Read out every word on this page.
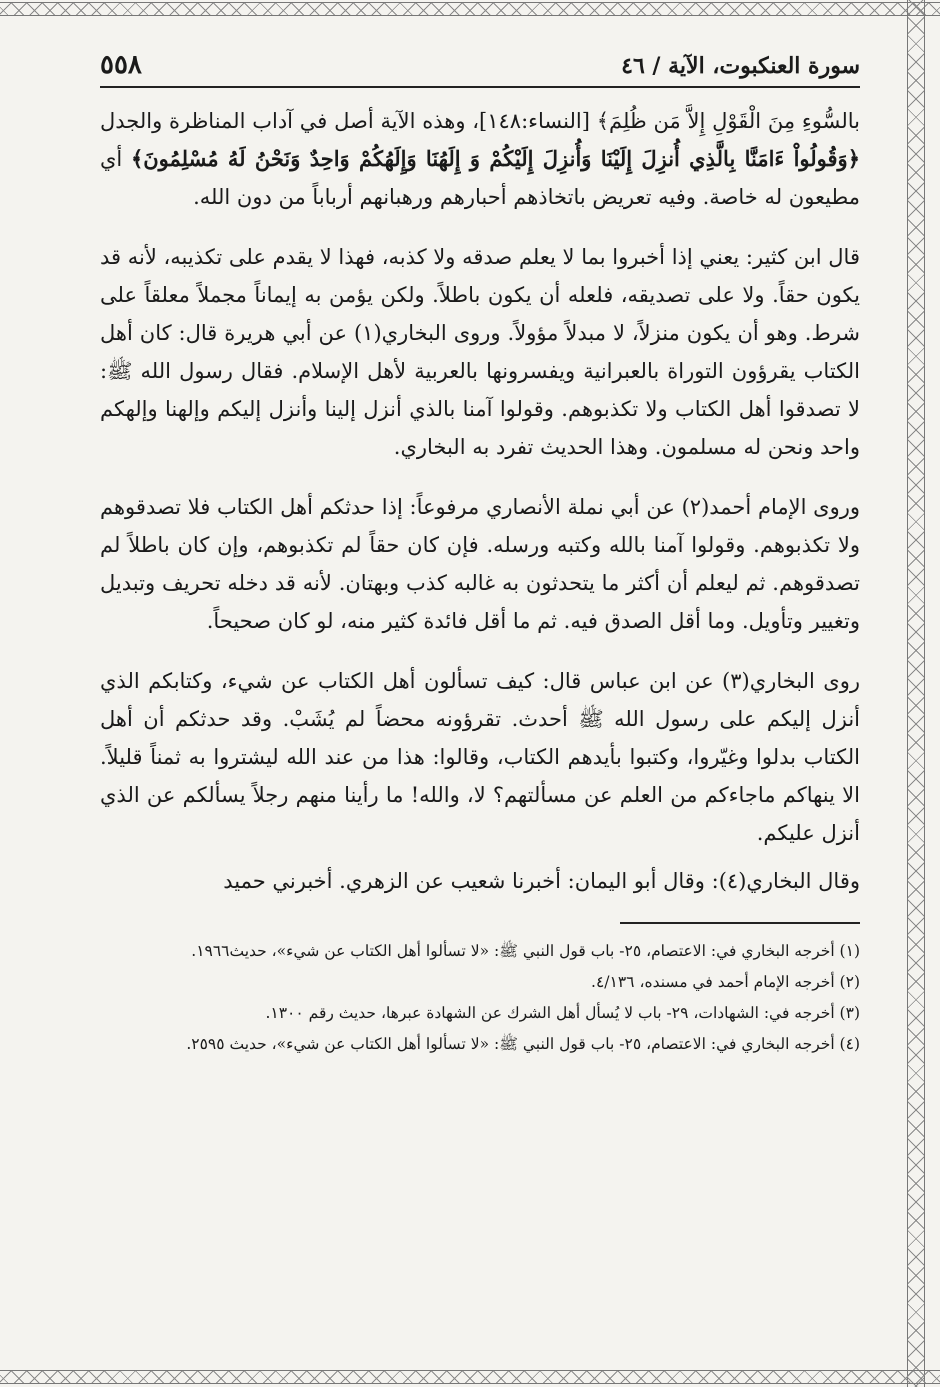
سورة العنكبوت، الآية / ٤٦
٥٥٨

بالسُّوءِ مِنَ الْقَوْلِ إِلاَّ مَن ظُلِمَ﴾ [النساء:١٤٨]، وهذه الآية أصل في آداب المناظرة والجدل ﴿وَقُولُواْ ءَامَنَّا بِالَّذِي أُنزِلَ إِلَيْنَا وَأُنزِلَ إِلَيْكُمْ وَ إِلَهُنَا وَإِلَهُكُمْ وَاحِدٌ وَنَحْنُ لَهُ مُسْلِمُونَ﴾ أي مطيعون له خاصة. وفيه تعريض باتخاذهم أحبارهم ورهبانهم أرباباً من دون الله.

قال ابن كثير: يعني إذا أخبروا بما لا يعلم صدقه ولا كذبه، فهذا لا يقدم على تكذيبه، لأنه قد يكون حقاً. ولا على تصديقه، فلعله أن يكون باطلاً. ولكن يؤمن به إيماناً مجملاً معلقاً على شرط. وهو أن يكون منزلاً، لا مبدلاً مؤولاً. وروى البخاري(١) عن أبي هريرة قال: كان أهل الكتاب يقرؤون التوراة بالعبرانية ويفسرونها بالعربية لأهل الإسلام. فقال رسول الله ﷺ: لا تصدقوا أهل الكتاب ولا تكذبوهم. وقولوا آمنا بالذي أنزل إلينا وأنزل إليكم وإلهنا وإلهكم واحد ونحن له مسلمون. وهذا الحديث تفرد به البخاري.

وروى الإمام أحمد(٢) عن أبي نملة الأنصاري مرفوعاً: إذا حدثكم أهل الكتاب فلا تصدقوهم ولا تكذبوهم. وقولوا آمنا بالله وكتبه ورسله. فإن كان حقاً لم تكذبوهم، وإن كان باطلاً لم تصدقوهم. ثم ليعلم أن أكثر ما يتحدثون به غالبه كذب وبهتان. لأنه قد دخله تحريف وتبديل وتغيير وتأويل. وما أقل الصدق فيه. ثم ما أقل فائدة كثير منه، لو كان صحيحاً.

روى البخاري(٣) عن ابن عباس قال: كيف تسألون أهل الكتاب عن شيء، وكتابكم الذي أنزل إليكم على رسول الله ﷺ أحدث. تقرؤونه محضاً لم يُشَبْ. وقد حدثكم أن أهل الكتاب بدلوا وغيّروا، وكتبوا بأيدهم الكتاب، وقالوا: هذا من عند الله ليشتروا به ثمناً قليلاً. الا ينهاكم ماجاءكم من العلم عن مسألتهم؟ لا، والله! ما رأينا منهم رجلاً يسألكم عن الذي أنزل عليكم.

وقال البخاري(٤): وقال أبو اليمان: أخبرنا شعيب عن الزهري. أخبرني حميد

(١) أخرجه البخاري في: الاعتصام، ٢٥- باب قول النبي ﷺ: «لا تسألوا أهل الكتاب عن شيء»، حديث١٩٦٦.

(٢) أخرجه الإمام أحمد في مسنده، ٤/١٣٦.

(٣) أخرجه في: الشهادات، ٢٩- باب لا يُسأل أهل الشرك عن الشهادة عبرها، حديث رقم ١٣٠٠.

(٤) أخرجه البخاري في: الاعتصام، ٢٥- باب قول النبي ﷺ: «لا تسألوا أهل الكتاب عن شيء»، حديث ٢٥٩٥.
